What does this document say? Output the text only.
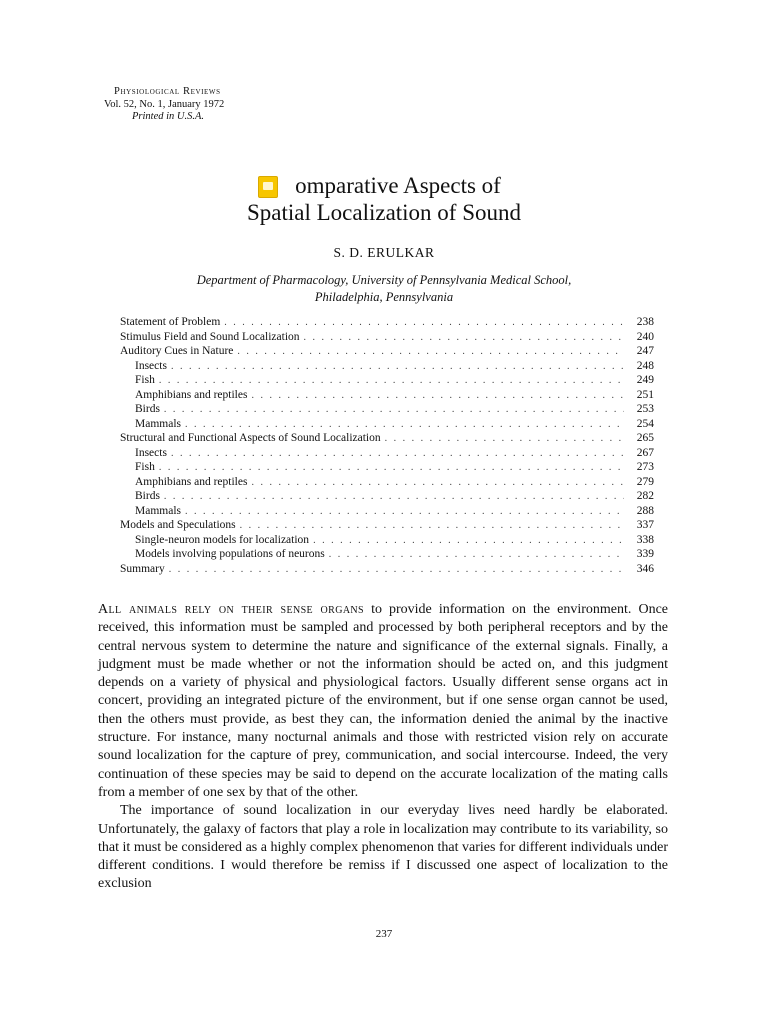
Physiological Reviews
Vol. 52, No. 1, January 1972
Printed in U.S.A.
omparative Aspects of
Spatial Localization of Sound
S. D. ERULKAR
Department of Pharmacology, University of Pennsylvania Medical School,
Philadelphia, Pennsylvania
Statement of Problem . . .	238
Stimulus Field and Sound Localization . . .	240
Auditory Cues in Nature . . .	247
Insects . . .	248
Fish . . .	249
Amphibians and reptiles . . .	251
Birds . . .	253
Mammals . . .	254
Structural and Functional Aspects of Sound Localization . . .	265
Insects . . .	267
Fish . . .	273
Amphibians and reptiles . . .	279
Birds . . .	282
Mammals . . .	288
Models and Speculations . . .	337
Single-neuron models for localization . . .	338
Models involving populations of neurons . . .	339
Summary . . .	346

All animals rely on their sense organs to provide information on the environment. Once received, this information must be sampled and processed by both peripheral receptors and by the central nervous system to determine the nature and significance of the external signals. Finally, a judgment must be made whether or not the information should be acted on, and this judgment depends on a variety of physical and physiological factors. Usually different sense organs act in concert, providing an integrated picture of the environment, but if one sense organ cannot be used, then the others must provide, as best they can, the information denied the animal by the inactive structure. For instance, many nocturnal animals and those with restricted vision rely on accurate sound localization for the capture of prey, communication, and social intercourse. Indeed, the very continuation of these species may be said to depend on the accurate localization of the mating calls from a member of one sex by that of the other.

The importance of sound localization in our everyday lives need hardly be elaborated. Unfortunately, the galaxy of factors that play a role in localization may contribute to its variability, so that it must be considered as a highly complex phenomenon that varies for different individuals under different conditions. I would therefore be remiss if I discussed one aspect of localization to the exclusion

237
